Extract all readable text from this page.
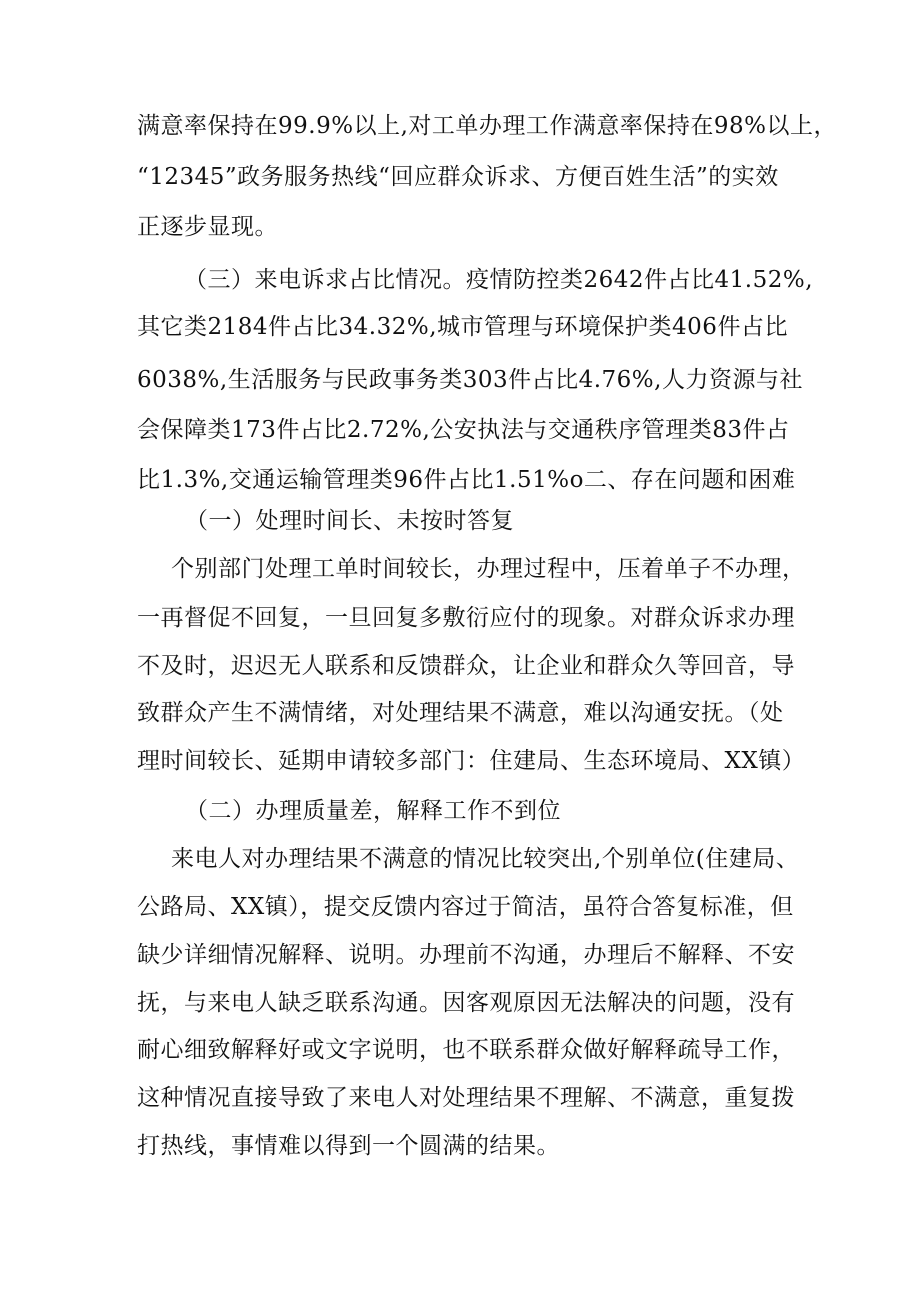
满意率保持在99.9%以上,对工单办理工作满意率保持在98%以上，
“12345”政务服务热线“回应群众诉求、方便百姓生活”的实效
正逐步显现。
（三）来电诉求占比情况。疫情防控类2642件占比41.52%,
其它类2184件占比34.32%,城市管理与环境保护类406件占比
6038%,生活服务与民政事务类303件占比4.76%,人力资源与社
会保障类173件占比2.72%,公安执法与交通秩序管理类83件占
比1.3%,交通运输管理类96件占比1.51%o二、存在问题和困难
（一）处理时间长、未按时答复
个别部门处理工单时间较长，办理过程中，压着单子不办理，
一再督促不回复，一旦回复多敷衍应付的现象。对群众诉求办理
不及时，迟迟无人联系和反馈群众，让企业和群众久等回音，导
致群众产生不满情绪，对处理结果不满意，难以沟通安抚。（处
理时间较长、延期申请较多部门：住建局、生态环境局、XX镇）
（二）办理质量差，解释工作不到位
来电人对办理结果不满意的情况比较突出,个别单位(住建局、
公路局、XX镇），提交反馈内容过于简洁，虽符合答复标准，但
缺少详细情况解释、说明。办理前不沟通，办理后不解释、不安
抚，与来电人缺乏联系沟通。因客观原因无法解决的问题，没有
耐心细致解释好或文字说明，也不联系群众做好解释疏导工作，
这种情况直接导致了来电人对处理结果不理解、不满意，重复拨
打热线，事情难以得到一个圆满的结果。
